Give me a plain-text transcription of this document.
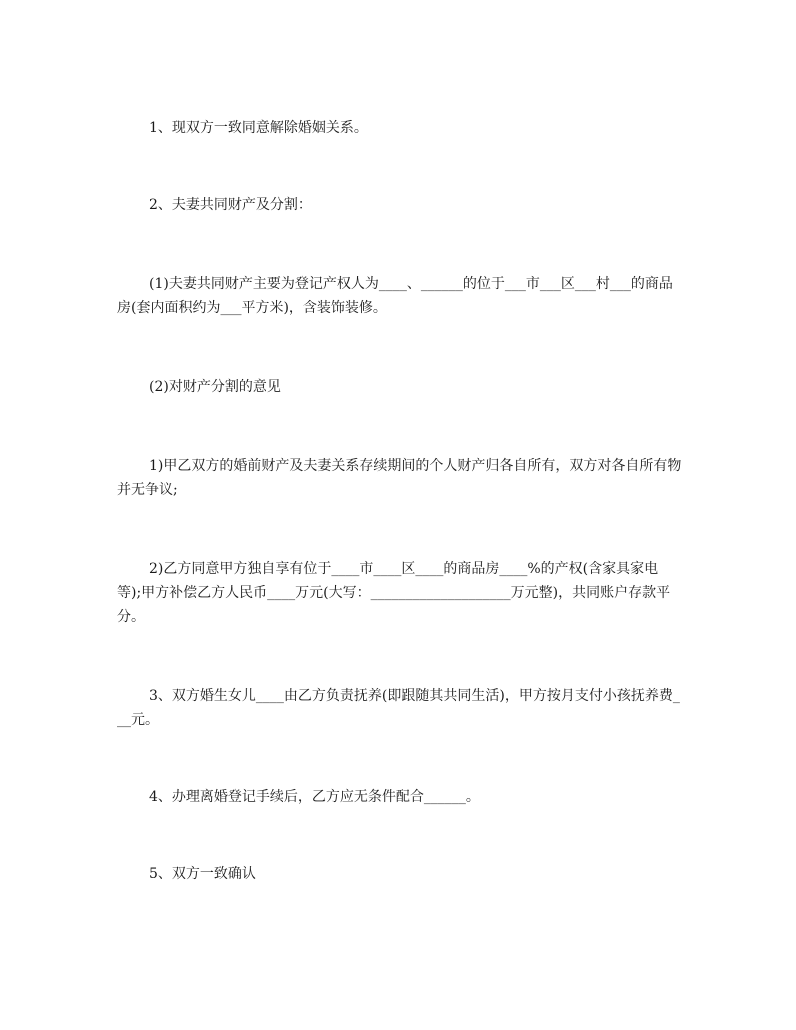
1、现双方一致同意解除婚姻关系。

2、夫妻共同财产及分割：

(1)夫妻共同财产主要为登记产权人为____、______的位于___市___区___村___的商品房(套内面积约为___平方米)，含装饰装修。

(2)对财产分割的意见

1)甲乙双方的婚前财产及夫妻关系存续期间的个人财产归各自所有，双方对各自所有物并无争议;

2)乙方同意甲方独自享有位于____市____区____的商品房____%的产权(含家具家电等);甲方补偿乙方人民币____万元(大写：____________________万元整)，共同账户存款平分。

3、双方婚生女儿____由乙方负责抚养(即跟随其共同生活)，甲方按月支付小孩抚养费___元。

4、办理离婚登记手续后，乙方应无条件配合______。

5、双方一致确认
